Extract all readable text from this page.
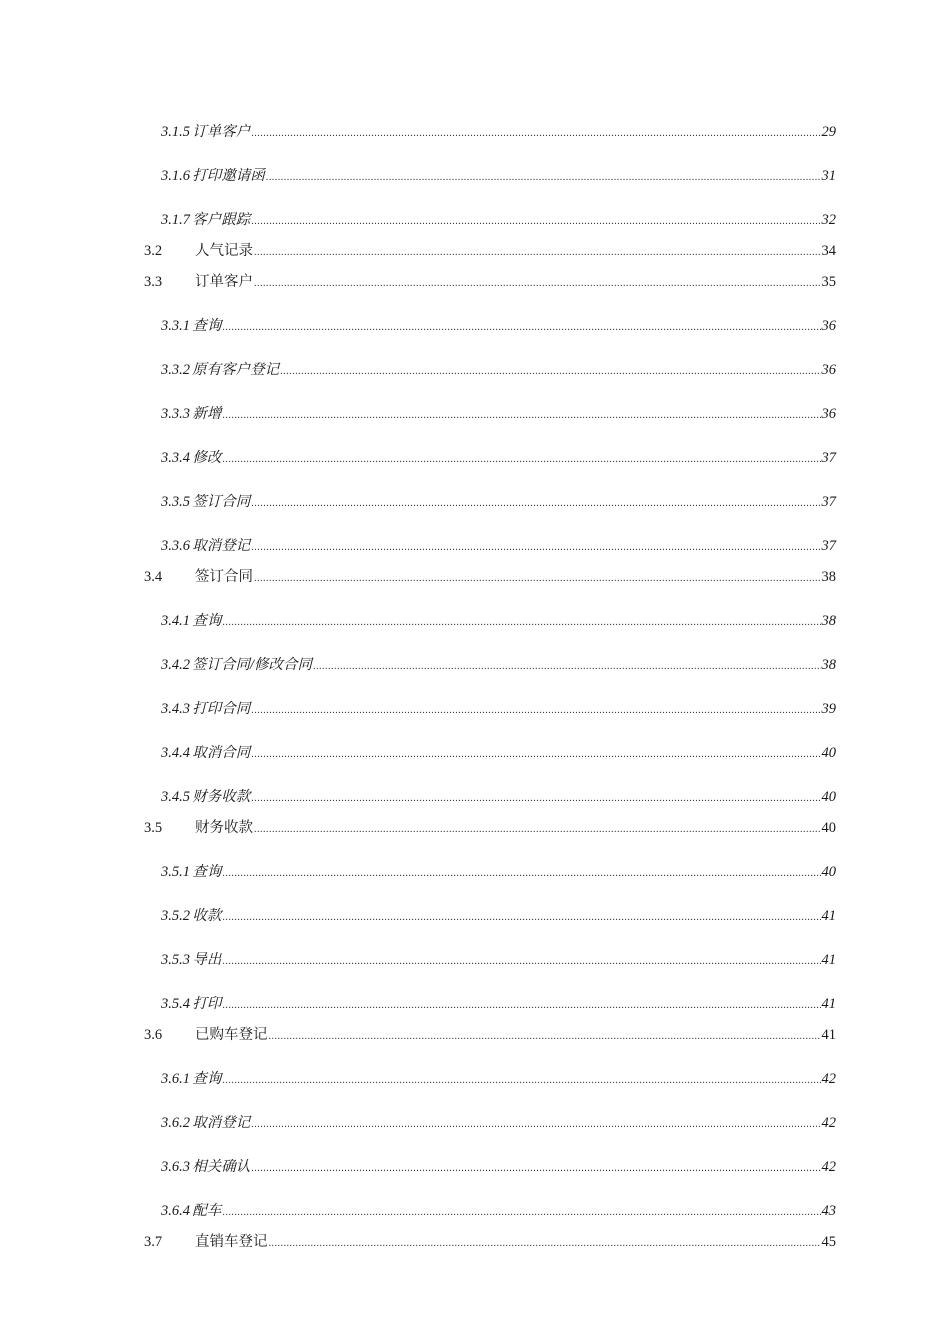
3.1.5 订单客户 .....	29
3.1.6 打印邀请函 .....	31
3.1.7 客户跟踪 .....	32
3.2	人气记录 .....	34
3.3	订单客户 .....	35
3.3.1 查询 .....	36
3.3.2 原有客户登记 .....	36
3.3.3 新增 .....	36
3.3.4 修改 .....	37
3.3.5 签订合同 .....	37
3.3.6 取消登记 .....	37
3.4	签订合同 .....	38
3.4.1 查询 .....	38
3.4.2 签订合同/修改合同 .....	38
3.4.3 打印合同 .....	39
3.4.4 取消合同 .....	40
3.4.5 财务收款 .....	40
3.5	财务收款 .....	40
3.5.1 查询 .....	40
3.5.2 收款 .....	41
3.5.3 导出 .....	41
3.5.4 打印 .....	41
3.6	已购车登记 .....	41
3.6.1 查询 .....	42
3.6.2 取消登记 .....	42
3.6.3 相关确认 .....	42
3.6.4 配车 .....	43
3.7	直销车登记 .....	45
